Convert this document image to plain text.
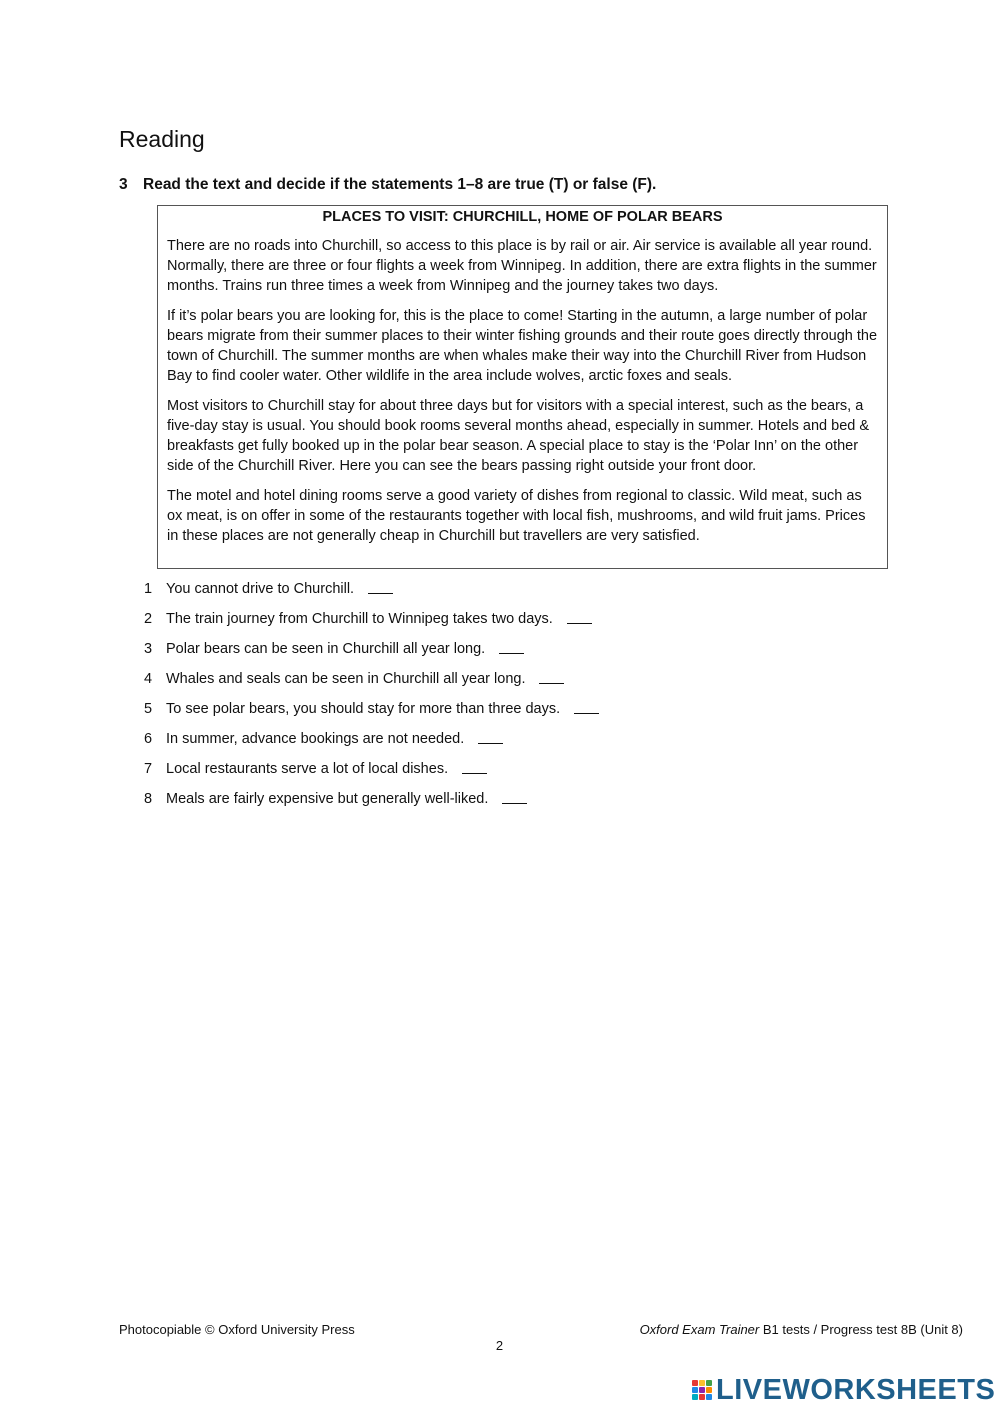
Reading

3 Read the text and decide if the statements 1–8 are true (T) or false (F).

PLACES TO VISIT: CHURCHILL, HOME OF POLAR BEARS

There are no roads into Churchill, so access to this place is by rail or air. Air service is available all year round. Normally, there are three or four flights a week from Winnipeg. In addition, there are extra flights in the summer months. Trains run three times a week from Winnipeg and the journey takes two days.

If it’s polar bears you are looking for, this is the place to come! Starting in the autumn, a large number of polar bears migrate from their summer places to their winter fishing grounds and their route goes directly through the town of Churchill. The summer months are when whales make their way into the Churchill River from Hudson Bay to find cooler water. Other wildlife in the area include wolves, arctic foxes and seals.

Most visitors to Churchill stay for about three days but for visitors with a special interest, such as the bears, a five-day stay is usual. You should book rooms several months ahead, especially in summer. Hotels and bed & breakfasts get fully booked up in the polar bear season. A special place to stay is the ‘Polar Inn’ on the other side of the Churchill River. Here you can see the bears passing right outside your front door.

The motel and hotel dining rooms serve a good variety of dishes from regional to classic. Wild meat, such as ox meat, is on offer in some of the restaurants together with local fish, mushrooms, and wild fruit jams. Prices in these places are not generally cheap in Churchill but travellers are very satisfied.

1 You cannot drive to Churchill.
2 The train journey from Churchill to Winnipeg takes two days.
3 Polar bears can be seen in Churchill all year long.
4 Whales and seals can be seen in Churchill all year long.
5 To see polar bears, you should stay for more than three days.
6 In summer, advance bookings are not needed.
7 Local restaurants serve a lot of local dishes.
8 Meals are fairly expensive but generally well-liked.
Photocopiable © Oxford University Press	Oxford Exam Trainer B1 tests / Progress test 8B (Unit 8)
2
LIVEWORKSHEETS
